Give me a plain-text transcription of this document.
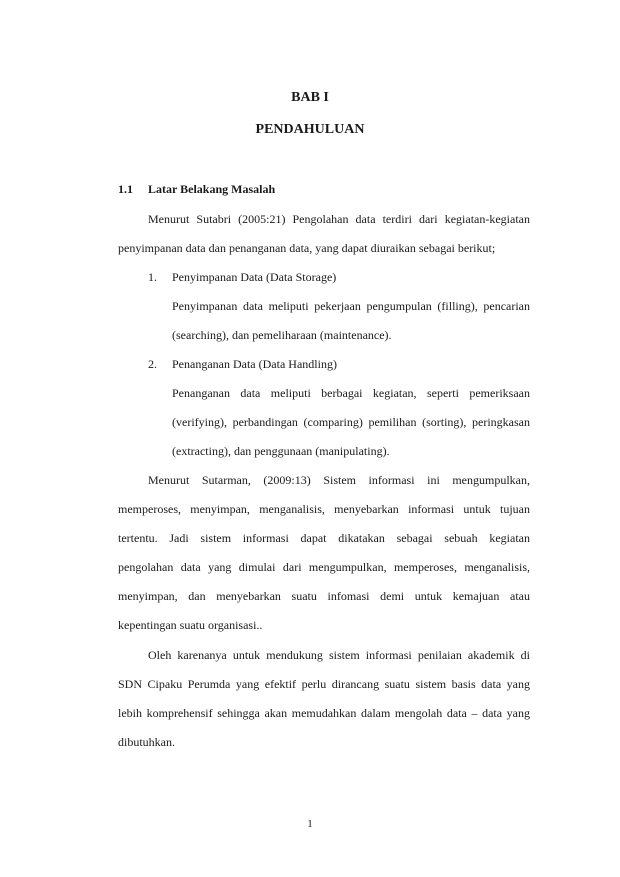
BAB I
PENDAHULUAN
1.1 Latar Belakang Masalah
Menurut Sutabri (2005:21) Pengolahan data terdiri dari kegiatan-kegiatan
penyimpanan data dan penanganan data, yang dapat diuraikan sebagai berikut;
1. Penyimpanan Data (Data Storage)
Penyimpanan data meliputi pekerjaan pengumpulan (filling), pencarian
(searching), dan pemeliharaan (maintenance).
2. Penanganan Data (Data Handling)
Penanganan data meliputi berbagai kegiatan, seperti pemeriksaan
(verifying), perbandingan (comparing) pemilihan (sorting), peringkasan
(extracting), dan penggunaan (manipulating).
Menurut Sutarman, (2009:13) Sistem informasi ini mengumpulkan,
memperoses, menyimpan, menganalisis, menyebarkan informasi untuk tujuan
tertentu. Jadi sistem informasi dapat dikatakan sebagai sebuah kegiatan
pengolahan data yang dimulai dari mengumpulkan, memperoses, menganalisis,
menyimpan, dan menyebarkan suatu infomasi demi untuk kemajuan atau
kepentingan suatu organisasi..
Oleh karenanya untuk mendukung sistem informasi penilaian akademik di
SDN Cipaku Perumda yang efektif perlu dirancang suatu sistem basis data yang
lebih komprehensif sehingga akan memudahkan dalam mengolah data – data yang
dibutuhkan.
1
